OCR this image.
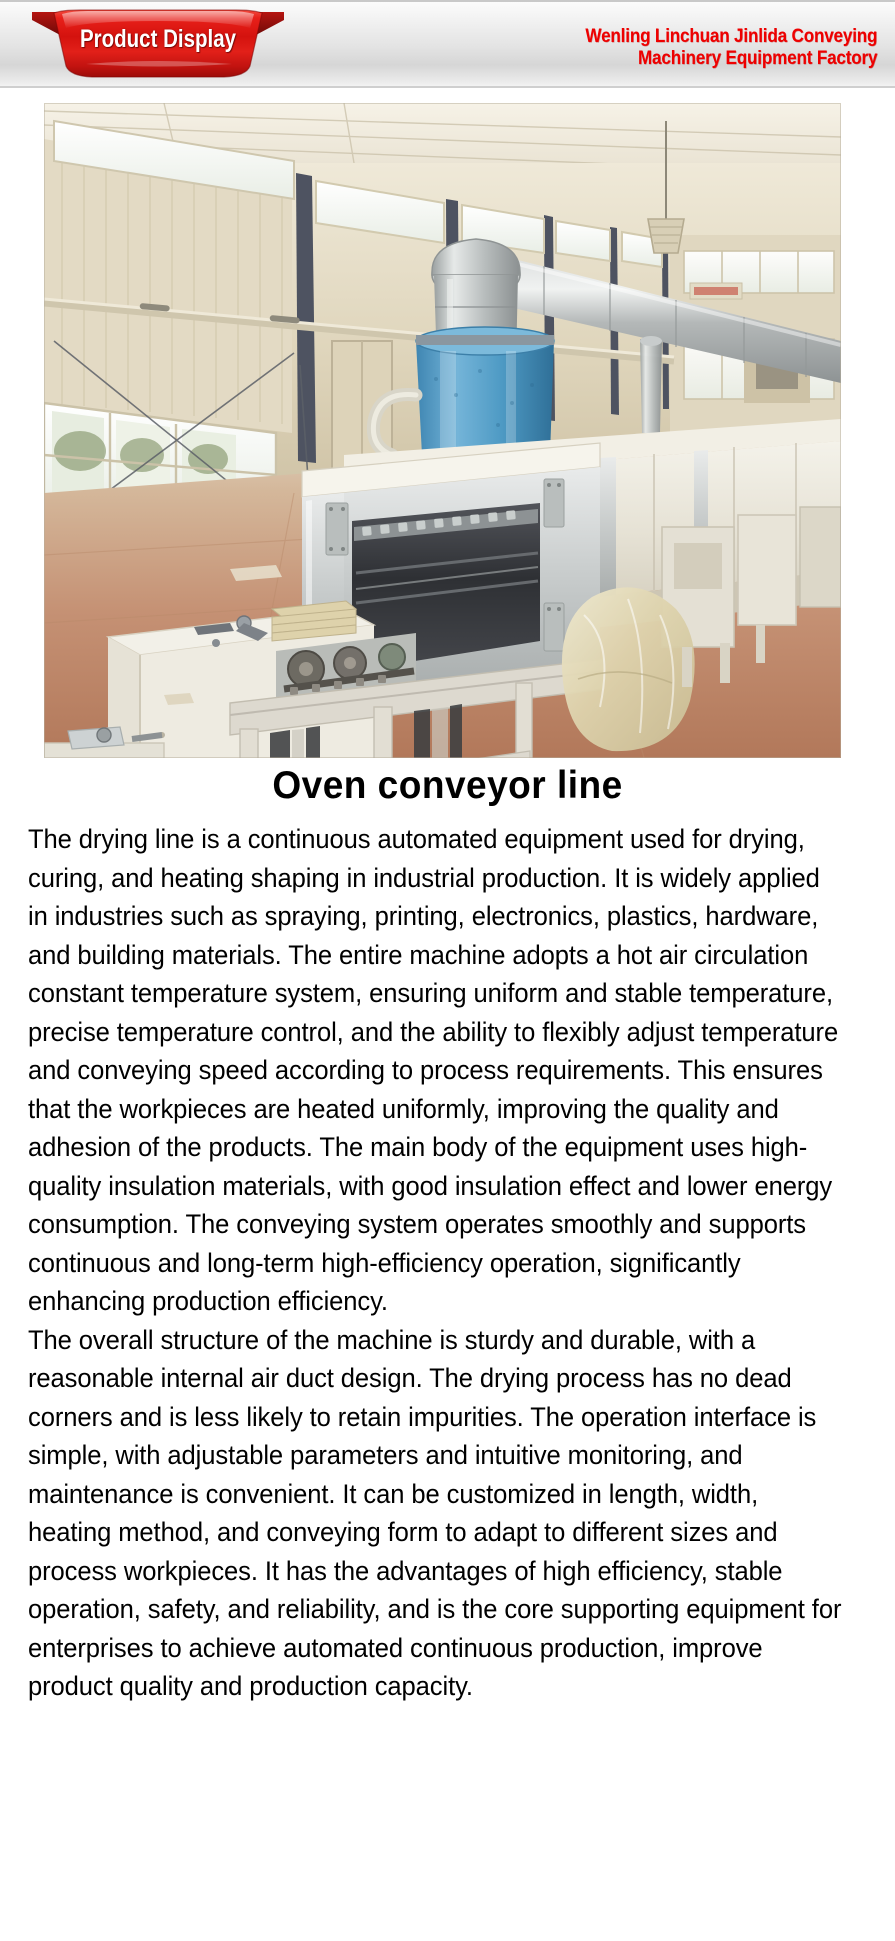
Product Display	Wenling Linchuan Jinlida Conveying
Machinery Equipment Factory
Oven conveyor line

The drying line is a continuous automated equipment used for drying, curing, and heating shaping in industrial production. It is widely applied in industries such as spraying, printing, electronics, plastics, hardware, and building materials. The entire machine adopts a hot air circulation constant temperature system, ensuring uniform and stable temperature, precise temperature control, and the ability to flexibly adjust temperature and conveying speed according to process requirements. This ensures that the workpieces are heated uniformly, improving the quality and adhesion of the products. The main body of the equipment uses high-quality insulation materials, with good insulation effect and lower energy consumption. The conveying system operates smoothly and supports continuous and long-term high-efficiency operation, significantly enhancing production efficiency.

The overall structure of the machine is sturdy and durable, with a reasonable internal air duct design. The drying process has no dead corners and is less likely to retain impurities. The operation interface is simple, with adjustable parameters and intuitive monitoring, and maintenance is convenient. It can be customized in length, width, heating method, and conveying form to adapt to different sizes and process workpieces. It has the advantages of high efficiency, stable operation, safety, and reliability, and is the core supporting equipment for enterprises to achieve automated continuous production, improve product quality and production capacity.
